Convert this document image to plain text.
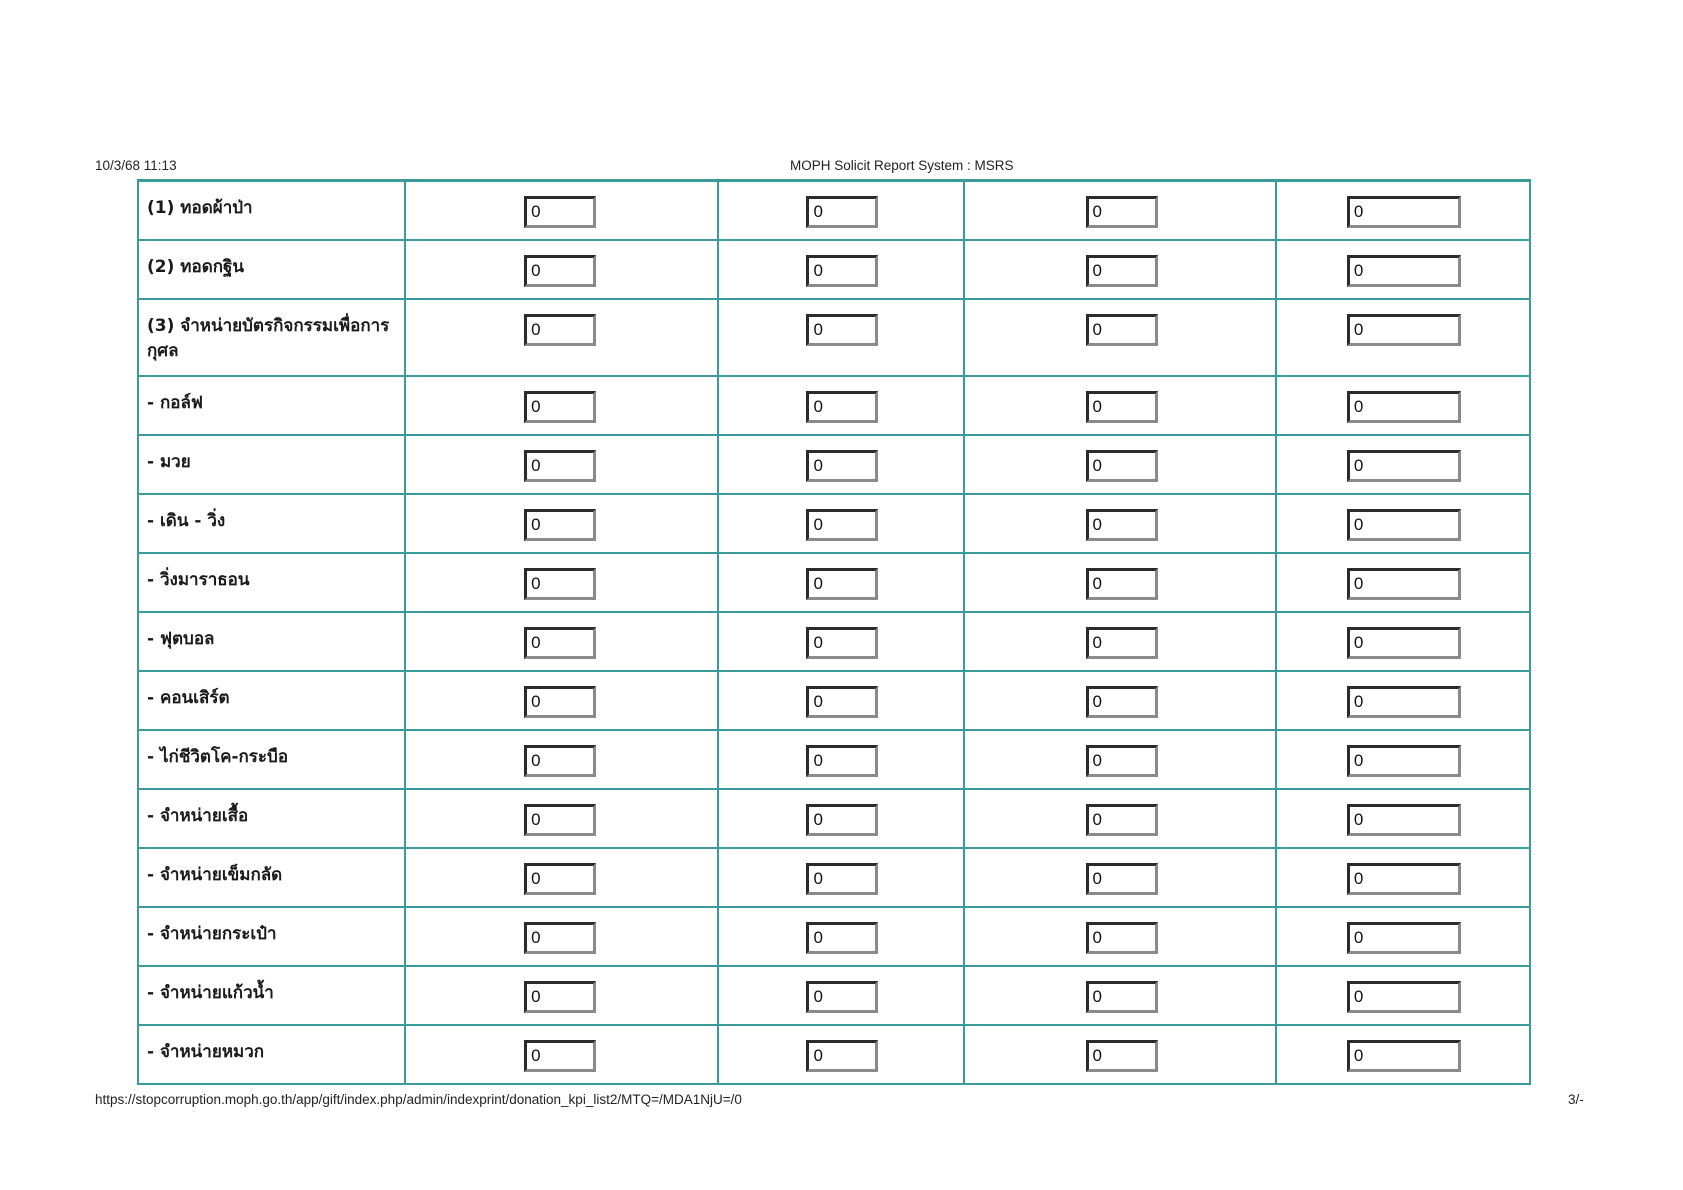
10/3/68 11:13	MOPH Solicit Report System : MSRS
(1) ทอดผ้าป่า	0	0	0	0

(2) ทอดกฐิน	0	0	0	0

(3) จำหน่ายบัตรกิจกรรมเพื่อการกุศล	0	0	0	0

- กอล์ฟ	0	0	0	0

- มวย	0	0	0	0

- เดิน - วิ่ง	0	0	0	0

- วิ่งมาราธอน	0	0	0	0

- ฟุตบอล	0	0	0	0

- คอนเสิร์ต	0	0	0	0

- ไก่ชีวิตโค-กระบือ	0	0	0	0

- จำหน่ายเสื้อ	0	0	0	0

- จำหน่ายเข็มกลัด	0	0	0	0

- จำหน่ายกระเป๋า	0	0	0	0

- จำหน่ายแก้วน้ำ	0	0	0	0

- จำหน่ายหมวก	0	0	0	0
https://stopcorruption.moph.go.th/app/gift/index.php/admin/indexprint/donation_kpi_list2/MTQ=/MDA1NjU=/0	3/-
